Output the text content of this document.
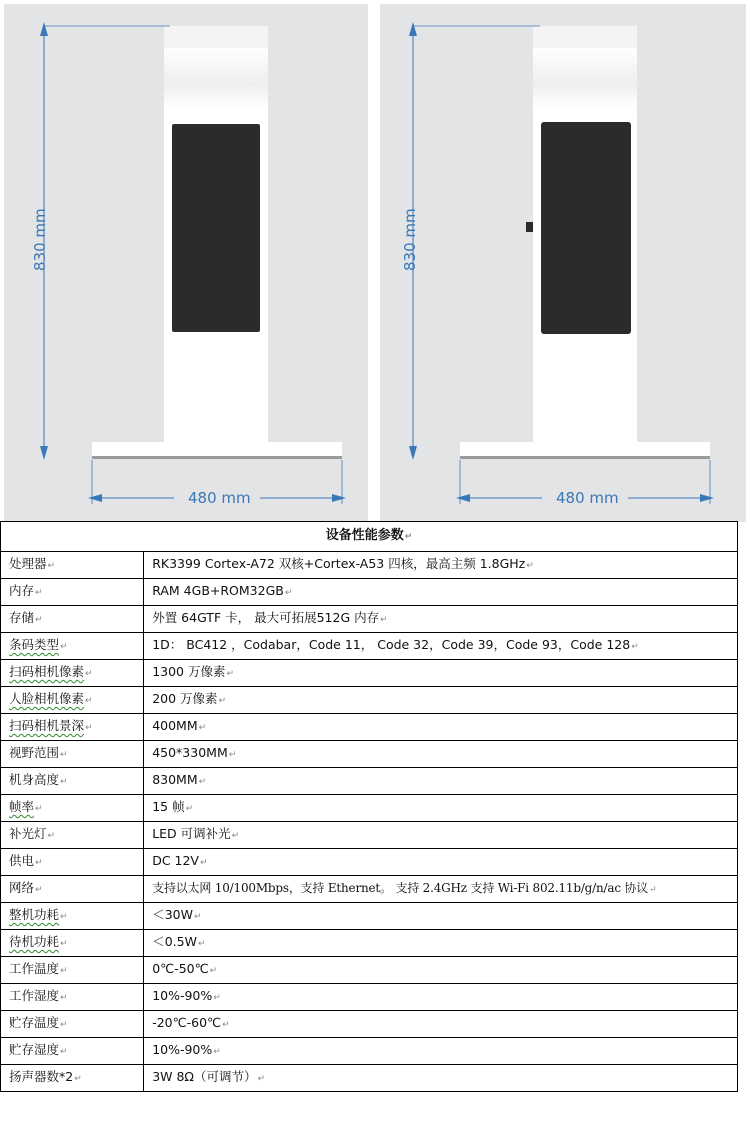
830 mm
480 mm
830 mm
480 mm
设备性能参数↵	
处理器↵	RK3399 Cortex-A72 双核+Cortex-A53 四核，最高主频 1.8GHz↵
内存↵	RAM 4GB+ROM32GB↵
存储↵	外置 64GTF 卡， 最大可拓展512G 内存↵
条码类型↵	1D： BC412 ，Codabar，Code 11， Code 32，Code 39，Code 93，Code 128↵
扫码相机像素↵	1300 万像素↵
人脸相机像素↵	200 万像素↵
扫码相机景深↵	400MM↵
视野范围↵	450*330MM↵
机身高度↵	830MM↵
帧率↵	15 帧↵
补光灯↵	LED 可调补光↵
供电↵	DC 12V↵
网络↵	支持以太网 10/100Mbps，支持 Ethernet。 支持 2.4GHz 支持 Wi-Fi 802.11b/g/n/ac 协议↵
整机功耗↵	＜30W↵
待机功耗↵	＜0.5W↵
工作温度↵	0℃-50℃↵
工作湿度↵	10%-90%↵
贮存温度↵	-20℃-60℃↵
贮存湿度↵	10%-90%↵
扬声器数*2↵	3W 8Ω（可调节）↵
